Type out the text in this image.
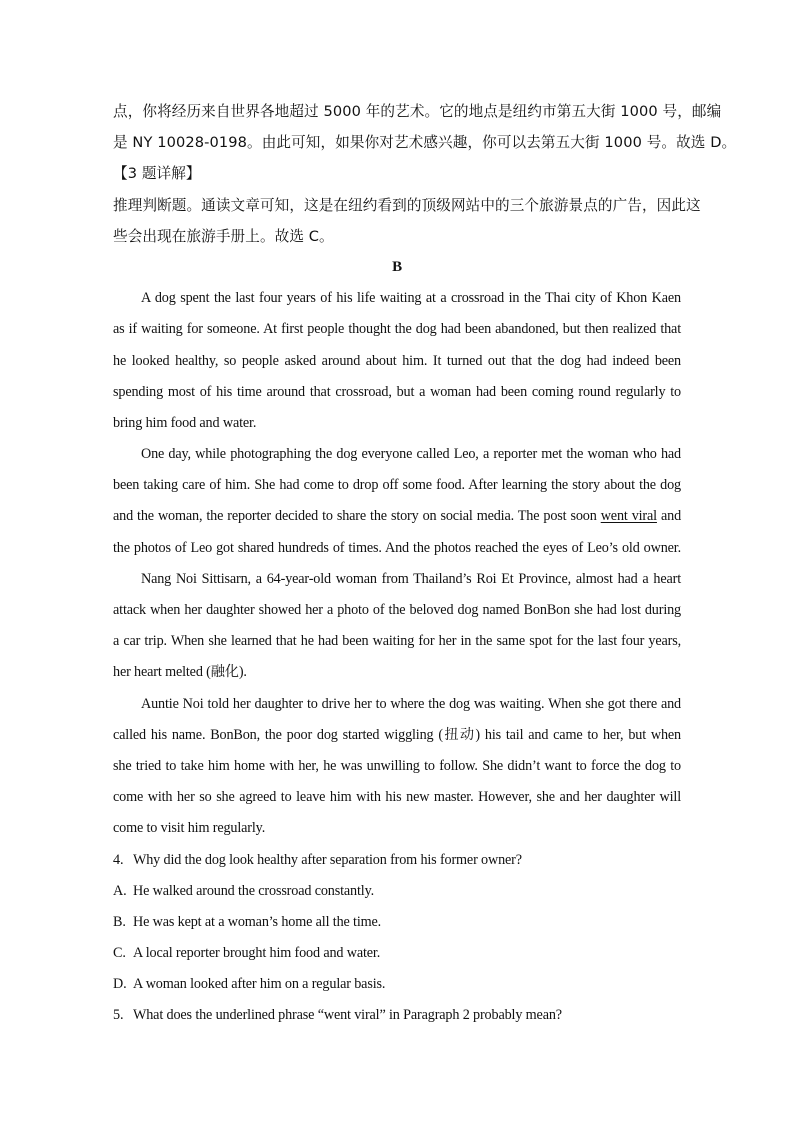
点，你将经历来自世界各地超过 5000 年的艺术。它的地点是纽约市第五大街 1000 号，邮编
是 NY 10028-0198。由此可知，如果你对艺术感兴趣，你可以去第五大街 1000 号。故选 D。
【3 题详解】
推理判断题。通读文章可知，这是在纽约看到的顶级网站中的三个旅游景点的广告，因此这
些会出现在旅游手册上。故选 C。
B
A dog spent the last four years of his life waiting at a crossroad in the Thai city of Khon Kaen
as if waiting for someone. At first people thought the dog had been abandoned, but then realized that
he looked healthy, so people asked around about him. It turned out that the dog had indeed been
spending most of his time around that crossroad, but a woman had been coming round regularly to
bring him food and water.
One day, while photographing the dog everyone called Leo, a reporter met the woman who had
been taking care of him. She had come to drop off some food. After learning the story about the dog
and the woman, the reporter decided to share the story on social media. The post soon went viral and
the photos of Leo got shared hundreds of times. And the photos reached the eyes of Leo’s old owner.
Nang Noi Sittisarn, a 64-year-old woman from Thailand’s Roi Et Province, almost had a heart
attack when her daughter showed her a photo of the beloved dog named BonBon she had lost during
a car trip. When she learned that he had been waiting for her in the same spot for the last four years,
her heart melted (融化).
Auntie Noi told her daughter to drive her to where the dog was waiting. When she got there and
called his name. BonBon, the poor dog started wiggling (扭动) his tail and came to her, but when
she tried to take him home with her, he was unwilling to follow. She didn’t want to force the dog to
come with her so she agreed to leave him with his new master. However, she and her daughter will
come to visit him regularly.
4. Why did the dog look healthy after separation from his former owner?
A. He walked around the crossroad constantly.
B. He was kept at a woman’s home all the time.
C. A local reporter brought him food and water.
D. A woman looked after him on a regular basis.
5. What does the underlined phrase “went viral” in Paragraph 2 probably mean?
